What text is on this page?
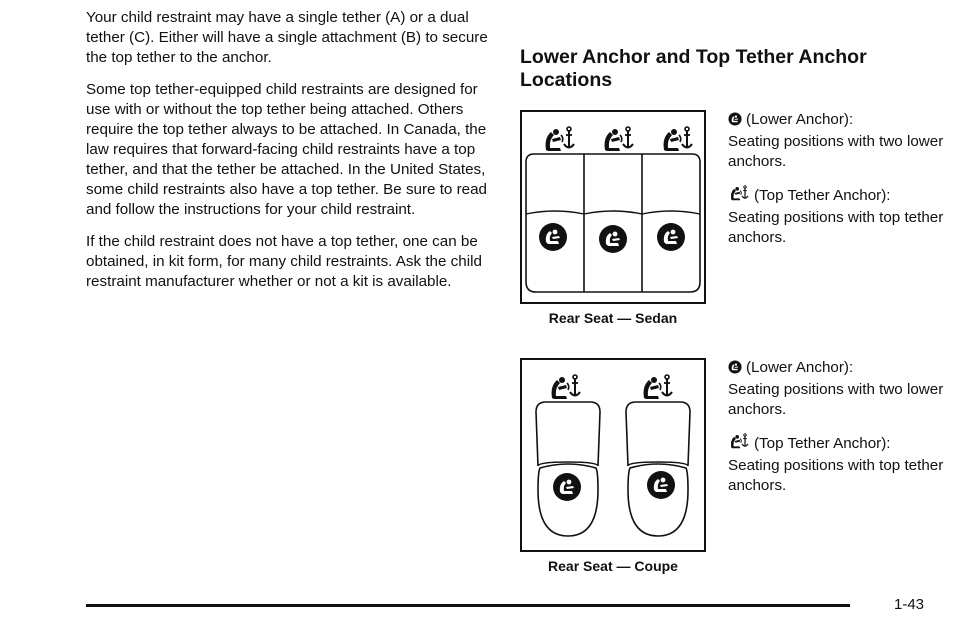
Your child restraint may have a single tether (A) or a dual tether (C). Either will have a single attachment (B) to secure the top tether to the anchor.

Some top tether-equipped child restraints are designed for use with or without the top tether being attached. Others require the top tether always to be attached. In Canada, the law requires that forward-facing child restraints have a top tether, and that the tether be attached. In the United States, some child restraints also have a top tether. Be sure to read and follow the instructions for your child restraint.

If the child restraint does not have a top tether, one can be obtained, in kit form, for many child restraints. Ask the child restraint manufacturer whether or not a kit is available.

Lower Anchor and Top Tether Anchor Locations
Rear Seat — Sedan

(Lower Anchor):

Seating positions with two lower anchors.

(Top Tether Anchor):

Seating positions with top tether anchors.

Rear Seat — Coupe

(Lower Anchor):

Seating positions with two lower anchors.

(Top Tether Anchor):

Seating positions with top tether anchors.

1-43
